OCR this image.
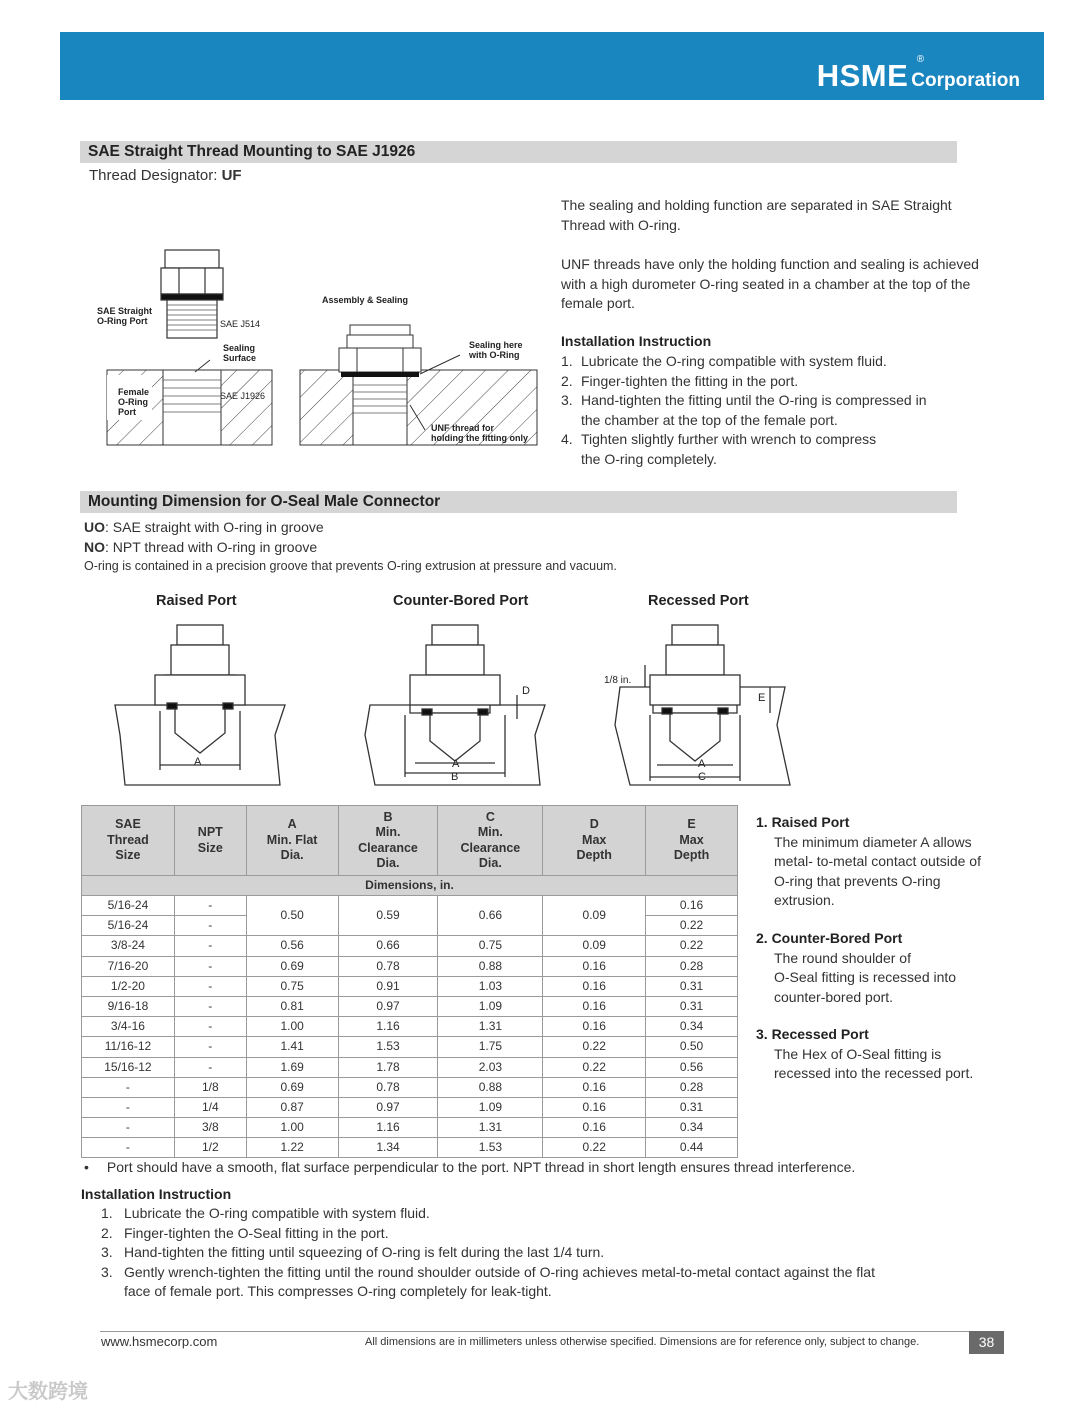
HSME ®
Corporation
SAE Straight Thread Mounting to SAE J1926
Thread Designator: UF
SAE Straight
O-Ring Port	SAE J514
Sealing
Surface
Female
O-Ring
Port
SAE J1926
Assembly & Sealing
Sealing here
with O-Ring
UNF thread for
holding the fitting only
The sealing and holding function are separated in SAE Straight
Thread with O-ring.
UNF threads have only the holding function and sealing is achieved
with a high durometer O-ring seated in a chamber at the top of the
female port.
Installation Instruction
1. Lubricate the O-ring compatible with system fluid.
2. Finger-tighten the fitting in the port.
3. Hand-tighten the fitting until the O-ring is compressed in
the chamber at the top of the female port.
4. Tighten slightly further with wrench to compress
the O-ring completely.
Mounting Dimension for O-Seal Male Connector
UO: SAE straight with O-ring in groove
NO: NPT thread with O-ring in groove
O-ring is contained in a precision groove that prevents O-ring extrusion at pressure and vacuum.
Raised Port	Counter-Bored Port	Recessed Port
A	A
B
D
A
C
E
1/8 in.
SAE
Thread
Size	NPT
Size	A
Min. Flat
Dia.	B
Min.
Clearance
Dia.	C
Min.
Clearance
Dia.	D
Max
Depth	E
Max
Depth
Dimensions, in.						
5/16-24	-	0.50	0.59	0.66	0.09	0.16
5/16-24	-					0.22
3/8-24	-	0.56	0.66	0.75	0.09	0.22
7/16-20	-	0.69	0.78	0.88	0.16	0.28
1/2-20	-	0.75	0.91	1.03	0.16	0.31
9/16-18	-	0.81	0.97	1.09	0.16	0.31
3/4-16	-	1.00	1.16	1.31	0.16	0.34
11/16-12	-	1.41	1.53	1.75	0.22	0.50
15/16-12	-	1.69	1.78	2.03	0.22	0.56
-	1/8	0.69	0.78	0.88	0.16	0.28
-	1/4	0.87	0.97	1.09	0.16	0.31
-	3/8	1.00	1.16	1.31	0.16	0.34
-	1/2	1.22	1.34	1.53	0.22	0.44
1. Raised Port
The minimum diameter A allows
metal- to-metal contact outside of
O-ring that prevents O-ring
extrusion.
2. Counter-Bored Port
The round shoulder of
O-Seal fitting is recessed into
counter-bored port.
3. Recessed Port
The Hex of O-Seal fitting is
recessed into the recessed port.
• Port should have a smooth, flat surface perpendicular to the port. NPT thread in short length ensures thread interference.
Installation Instruction
1. Lubricate the O-ring compatible with system fluid.
2. Finger-tighten the O-Seal fitting in the port.
3. Hand-tighten the fitting until squeezing of O-ring is felt during the last 1/4 turn.
3. Gently wrench-tighten the fitting until the round shoulder outside of O-ring achieves metal-to-metal contact against the flat
face of female port. This compresses O-ring completely for leak-tight.
www.hsmecorp.com	All dimensions are in millimeters unless otherwise specified. Dimensions are for reference only, subject to change.	38
大数跨境
